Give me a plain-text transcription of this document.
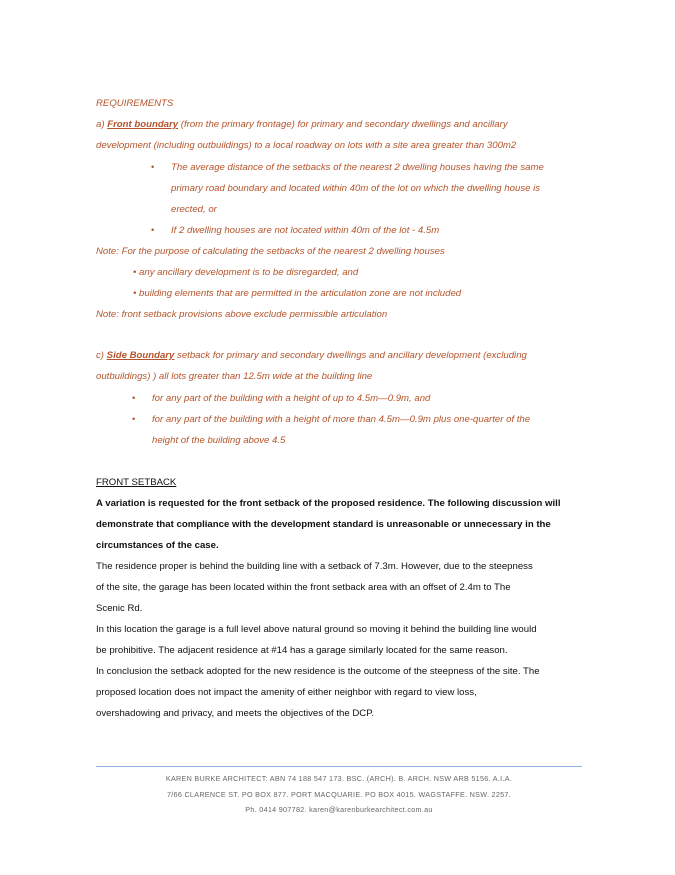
REQUIREMENTS
a) Front boundary (from the primary frontage) for primary and secondary dwellings and ancillary
development (including outbuildings) to a local roadway on lots with a site area greater than 300m2
• The average distance of the setbacks of the nearest 2 dwelling houses having the same
primary road boundary and located within 40m of the lot on which the dwelling house is
erected, or
• If 2 dwelling houses are not located within 40m of the lot - 4.5m
Note: For the purpose of calculating the setbacks of the nearest 2 dwelling houses
• any ancillary development is to be disregarded, and
• building elements that are permitted in the articulation zone are not included
Note: front setback provisions above exclude permissible articulation
c) Side Boundary setback for primary and secondary dwellings and ancillary development (excluding
outbuildings) ) all lots greater than 12.5m wide at the building line
• for any part of the building with a height of up to 4.5m—0.9m, and
• for any part of the building with a height of more than 4.5m—0.9m plus one-quarter of the
height of the building above 4.5
FRONT SETBACK
A variation is requested for the front setback of the proposed residence. The following discussion will
demonstrate that compliance with the development standard is unreasonable or unnecessary in the
circumstances of the case.
The residence proper is behind the building line with a setback of 7.3m. However, due to the steepness
of the site, the garage has been located within the front setback area with an offset of 2.4m to The
Scenic Rd.
In this location the garage is a full level above natural ground so moving it behind the building line would
be prohibitive. The adjacent residence at #14 has a garage similarly located for the same reason.
In conclusion the setback adopted for the new residence is the outcome of the steepness of the site. The
proposed location does not impact the amenity of either neighbor with regard to view loss,
overshadowing and privacy, and meets the objectives of the DCP.
KAREN BURKE ARCHITECT: ABN 74 188 547 173. BSC. (ARCH). B. ARCH. NSW ARB 5156. A.I.A.
7/66 CLARENCE ST. PO BOX 877. PORT MACQUARIE. PO BOX 4015. WAGSTAFFE. NSW. 2257.
Ph. 0414 907782. karen@karenburkearchitect.com.au
